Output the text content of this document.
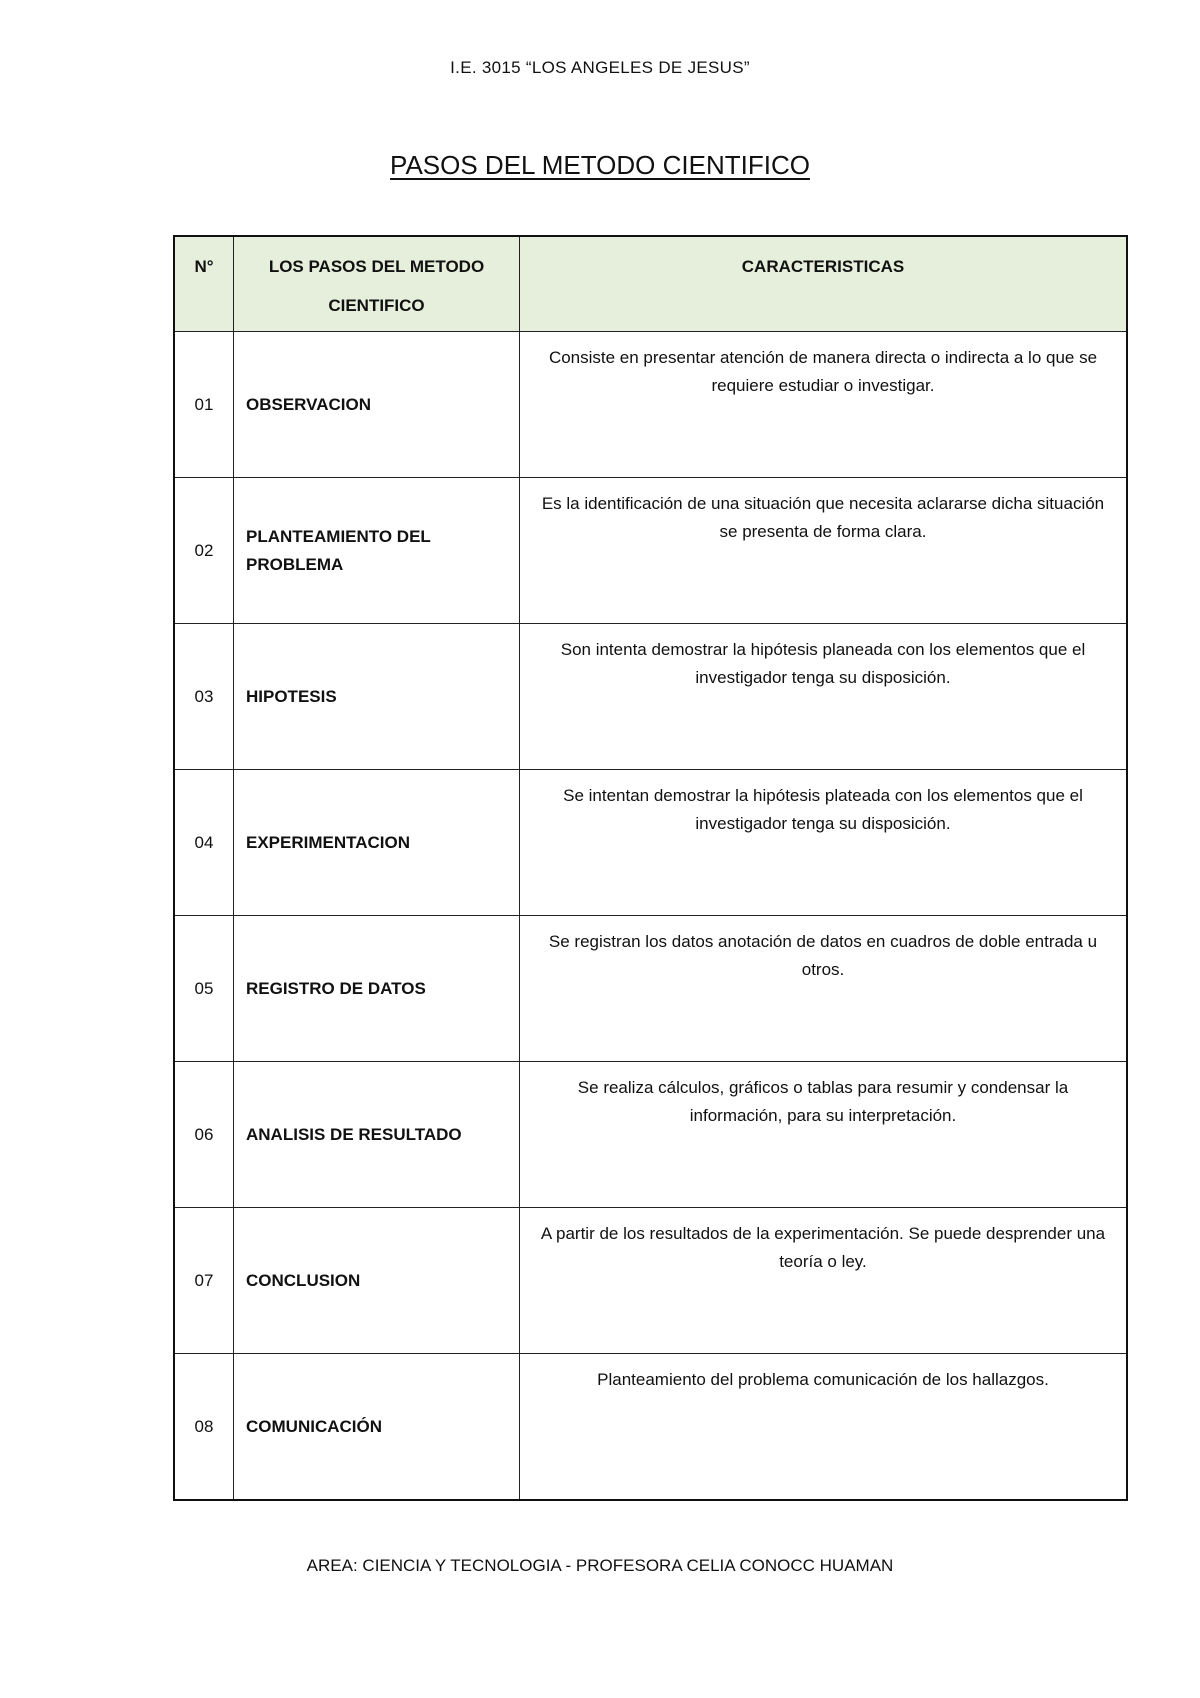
I.E. 3015 “LOS ANGELES DE JESUS”
PASOS DEL METODO CIENTIFICO
N°	LOS PASOS DEL METODO CIENTIFICO	CARACTERISTICAS
01	OBSERVACION	Consiste en presentar atención de manera directa o indirecta a lo que se requiere estudiar o investigar.
02	PLANTEAMIENTO DEL PROBLEMA	Es la identificación de una situación que necesita aclararse dicha situación se presenta de forma clara.
03	HIPOTESIS	Son intenta demostrar la hipótesis planeada con los elementos que el investigador tenga su disposición.
04	EXPERIMENTACION	Se intentan demostrar la hipótesis plateada con los elementos que el investigador tenga su disposición.
05	REGISTRO DE DATOS	Se registran los datos anotación de datos en cuadros de doble entrada u otros.
06	ANALISIS DE RESULTADO	Se realiza cálculos, gráficos o tablas para resumir y condensar la información, para su interpretación.
07	CONCLUSION	A partir de los resultados de la experimentación. Se puede desprender una teoría o ley.
08	COMUNICACIÓN	Planteamiento del problema comunicación de los hallazgos.
AREA: CIENCIA Y TECNOLOGIA - PROFESORA CELIA CONOCC HUAMAN
